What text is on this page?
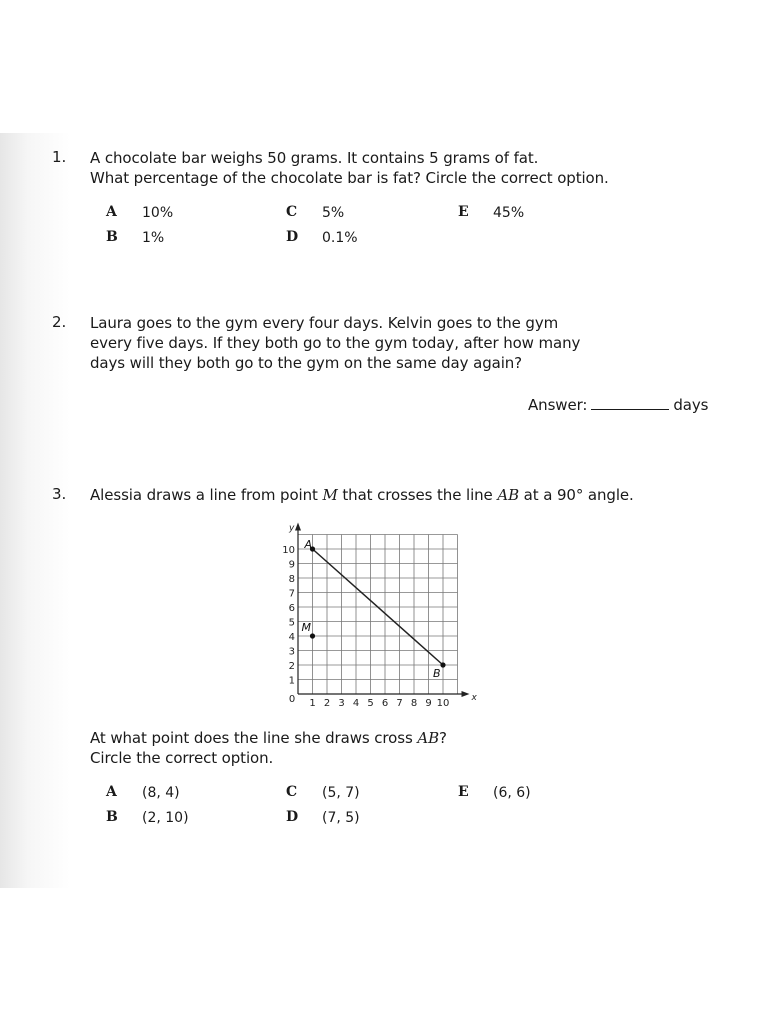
1. A chocolate bar weighs 50 grams. It contains 5 grams of fat.
What percentage of the chocolate bar is fat? Circle the correct option.
A 10%	C 5%	E 45%
B 1%	D 0.1%
2. Laura goes to the gym every four days. Kelvin goes to the gym
every five days. If they both go to the gym today, after how many
days will they both go to the gym on the same day again?
Answer:	days
3. Alessia draws a line from point M that crosses the line AB at a 90° angle.
1 2 3 4 5 6 7 8 9 10
10
9
8
7
6
5
4
3
2
1
0	x
y
A
B
M
At what point does the line she draws cross AB?
Circle the correct option.
A (8, 4)	C (5, 7)	E (6, 6)
B (2, 10)	D (7, 5)
